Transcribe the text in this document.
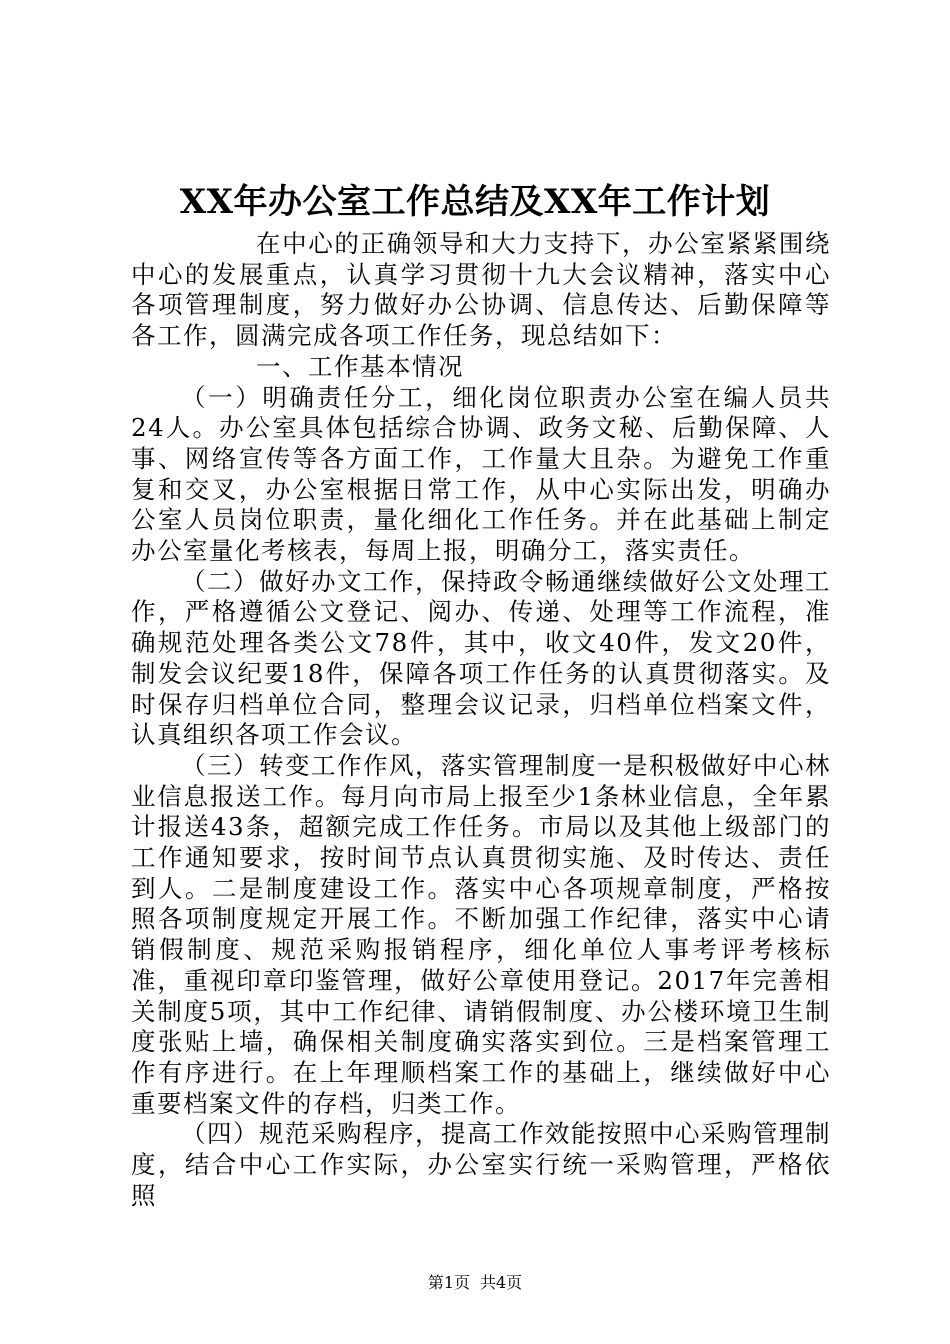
XX年办公室工作总结及XX年工作计划

在中心的正确领导和大力支持下，办公室紧紧围绕中心的发展重点，认真学习贯彻十九大会议精神，落实中心各项管理制度，努力做好办公协调、信息传达、后勤保障等各工作，圆满完成各项工作任务，现总结如下：

一、工作基本情况

（一）明确责任分工，细化岗位职责办公室在编人员共24人。办公室具体包括综合协调、政务文秘、后勤保障、人事、网络宣传等各方面工作，工作量大且杂。为避免工作重复和交叉，办公室根据日常工作，从中心实际出发，明确办公室人员岗位职责，量化细化工作任务。并在此基础上制定办公室量化考核表，每周上报，明确分工，落实责任。

（二）做好办文工作，保持政令畅通继续做好公文处理工作，严格遵循公文登记、阅办、传递、处理等工作流程，准确规范处理各类公文78件，其中，收文40件，发文20件，制发会议纪要18件，保障各项工作任务的认真贯彻落实。及时保存归档单位合同，整理会议记录，归档单位档案文件，认真组织各项工作会议。

（三）转变工作作风，落实管理制度一是积极做好中心林业信息报送工作。每月向市局上报至少1条林业信息，全年累计报送43条，超额完成工作任务。市局以及其他上级部门的工作通知要求，按时间节点认真贯彻实施、及时传达、责任到人。二是制度建设工作。落实中心各项规章制度，严格按照各项制度规定开展工作。不断加强工作纪律，落实中心请销假制度、规范采购报销程序，细化单位人事考评考核标准，重视印章印鉴管理，做好公章使用登记。2017年完善相关制度5项，其中工作纪律、请销假制度、办公楼环境卫生制度张贴上墙，确保相关制度确实落实到位。三是档案管理工作有序进行。在上年理顺档案工作的基础上，继续做好中心重要档案文件的存档，归类工作。

（四）规范采购程序，提高工作效能按照中心采购管理制度，结合中心工作实际，办公室实行统一采购管理，严格依照

第1页 共4页
